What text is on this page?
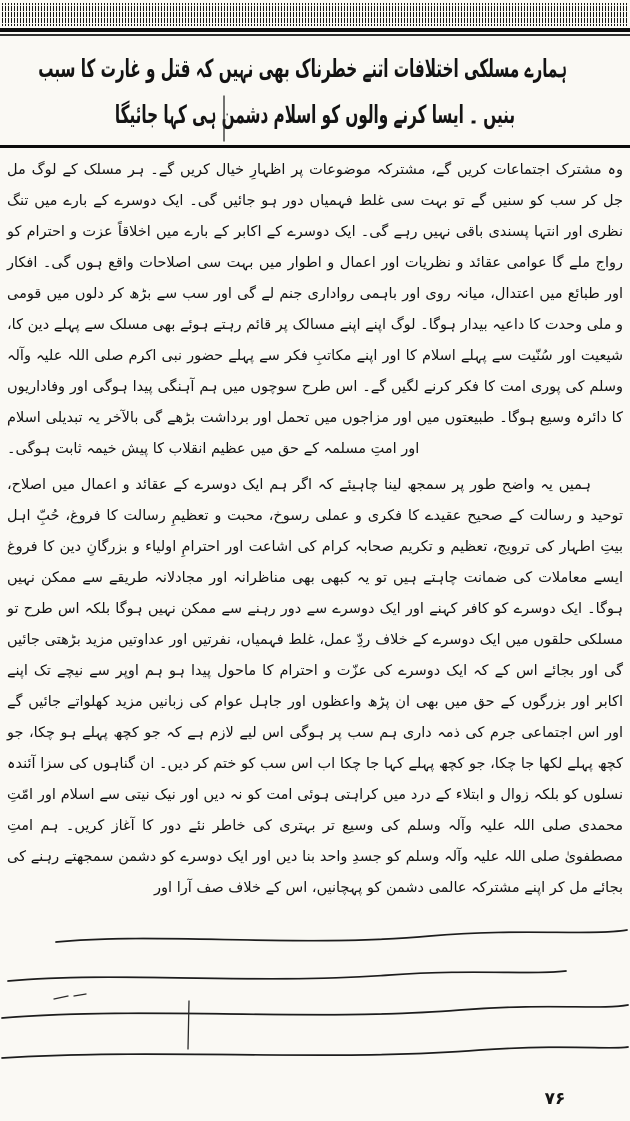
ہمارے مسلکی اختلافات اتنے خطرناک بھی نہیں کہ قتل و غارت کا سبب
بنیں ۔ ایسا کرنے والوں کو اسلام دشمن ہی کہا جائیگا

وہ مشترک اجتماعات کریں گے، مشترکہ موضوعات پر اظہارِ خیال کریں گے۔ ہر مسلک کے لوگ مل جل کر سب کو سنیں گے تو بہت سی غلط فہمیاں دور ہو جائیں گی۔ ایک دوسرے کے بارے میں تنگ نظری اور انتہا پسندی باقی نہیں رہے گی۔ ایک دوسرے کے اکابر کے بارے میں اخلاقاً عزت و احترام کو رواج ملے گا عوامی عقائد و نظریات اور اعمال و اطوار میں بہت سی اصلاحات واقع ہوں گی۔ افکار اور طبائع میں اعتدال، میانہ روی اور باہمی رواداری جنم لے گی اور سب سے بڑھ کر دلوں میں قومی و ملی وحدت کا داعیہ بیدار ہوگا۔ لوگ اپنے اپنے مسالک پر قائم رہتے ہوئے بھی مسلک سے پہلے دین کا، شیعیت اور سُنّیت سے پہلے اسلام کا اور اپنے مکاتبِ فکر سے پہلے حضور نبی اکرم صلی اللہ علیہ وآلہ وسلم کی پوری امت کا فکر کرنے لگیں گے۔ اس طرح سوچوں میں ہم آہنگی پیدا ہوگی اور وفاداریوں کا دائرہ وسیع ہوگا۔ طبیعتوں میں اور مزاجوں میں تحمل اور برداشت بڑھے گی بالآخر یہ تبدیلی اسلام اور امتِ مسلمہ کے حق میں عظیم انقلاب کا پیش خیمہ ثابت ہوگی۔

ہمیں یہ واضح طور پر سمجھ لینا چاہیئے کہ اگر ہم ایک دوسرے کے عقائد و اعمال میں اصلاح، توحید و رسالت کے صحیح عقیدے کا فکری و عملی رسوخ، محبت و تعظیمِ رسالت کا فروغ، حُبِّ اہل بیتِ اطہار کی ترویج، تعظیم و تکریم صحابہ کرام کی اشاعت اور احترامِ اولیاء و بزرگانِ دین کا فروغ ایسے معاملات کی ضمانت چاہتے ہیں تو یہ کبھی بھی مناظرانہ اور مجادلانہ طریقے سے ممکن نہیں ہوگا۔ ایک دوسرے کو کافر کہنے اور ایک دوسرے سے دور رہنے سے ممکن نہیں ہوگا بلکہ اس طرح تو مسلکی حلقوں میں ایک دوسرے کے خلاف ردِّ عمل، غلط فہمیاں، نفرتیں اور عداوتیں مزید بڑھتی جائیں گی اور بجائے اس کے کہ ایک دوسرے کی عزّت و احترام کا ماحول پیدا ہو ہم اوپر سے نیچے تک اپنے اکابر اور بزرگوں کے حق میں بھی ان پڑھ واعظوں اور جاہل عوام کی زبانیں مزید کھلواتے جائیں گے اور اس اجتماعی جرم کی ذمہ داری ہم سب پر ہوگی اس لیے لازم ہے کہ جو کچھ پہلے ہو چکا، جو کچھ پہلے لکھا جا چکا، جو کچھ پہلے کہا جا چکا اب اس سب کو ختم کر دیں۔ ان گناہوں کی سزا آئندہ نسلوں کو بلکہ زوال و ابتلاء کے درد میں کراہتی ہوئی امت کو نہ دیں اور نیک نیتی سے اسلام اور امّتِ محمدی صلی اللہ علیہ وآلہ وسلم کی وسیع تر بہتری کی خاطر نئے دور کا آغاز کریں۔ ہم امتِ مصطفویٰ صلی اللہ علیہ وآلہ وسلم کو جسدِ واحد بنا دیں اور ایک دوسرے کو دشمن سمجھتے رہنے کی بجائے مل کر اپنے مشترکہ عالمی دشمن کو پہچانیں، اس کے خلاف صف آرا اور

۷۶
